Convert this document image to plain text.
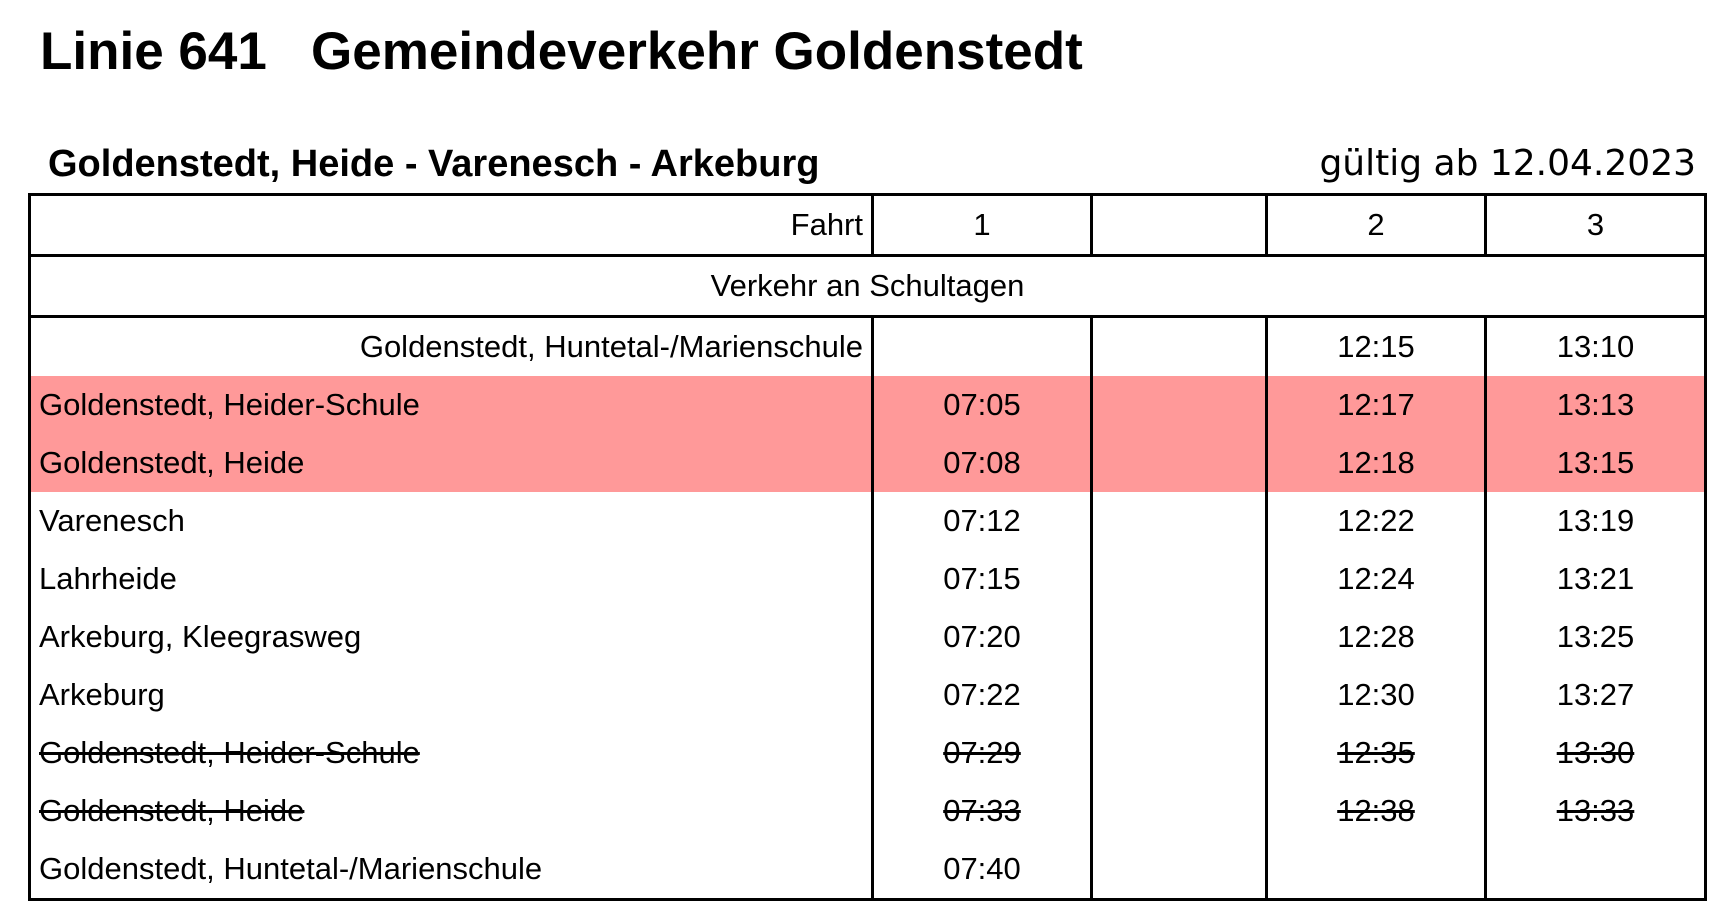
Linie 641 Gemeindeverkehr Goldenstedt
Goldenstedt, Heide - Varenesch - Arkeburg	gültig ab 12.04.2023
Fahrt	1		2	3
Verkehr an Schultagen				
Goldenstedt, Huntetal-/Marienschule			12:15	13:10
Goldenstedt, Heider-Schule	07:05		12:17	13:13
Goldenstedt, Heide	07:08		12:18	13:15
Varenesch	07:12		12:22	13:19
Lahrheide	07:15		12:24	13:21
Arkeburg, Kleegrasweg	07:20		12:28	13:25
Arkeburg	07:22		12:30	13:27
Goldenstedt, Heider-Schule	07:29		12:35	13:30
Goldenstedt, Heide	07:33		12:38	13:33
Goldenstedt, Huntetal-/Marienschule	07:40			
